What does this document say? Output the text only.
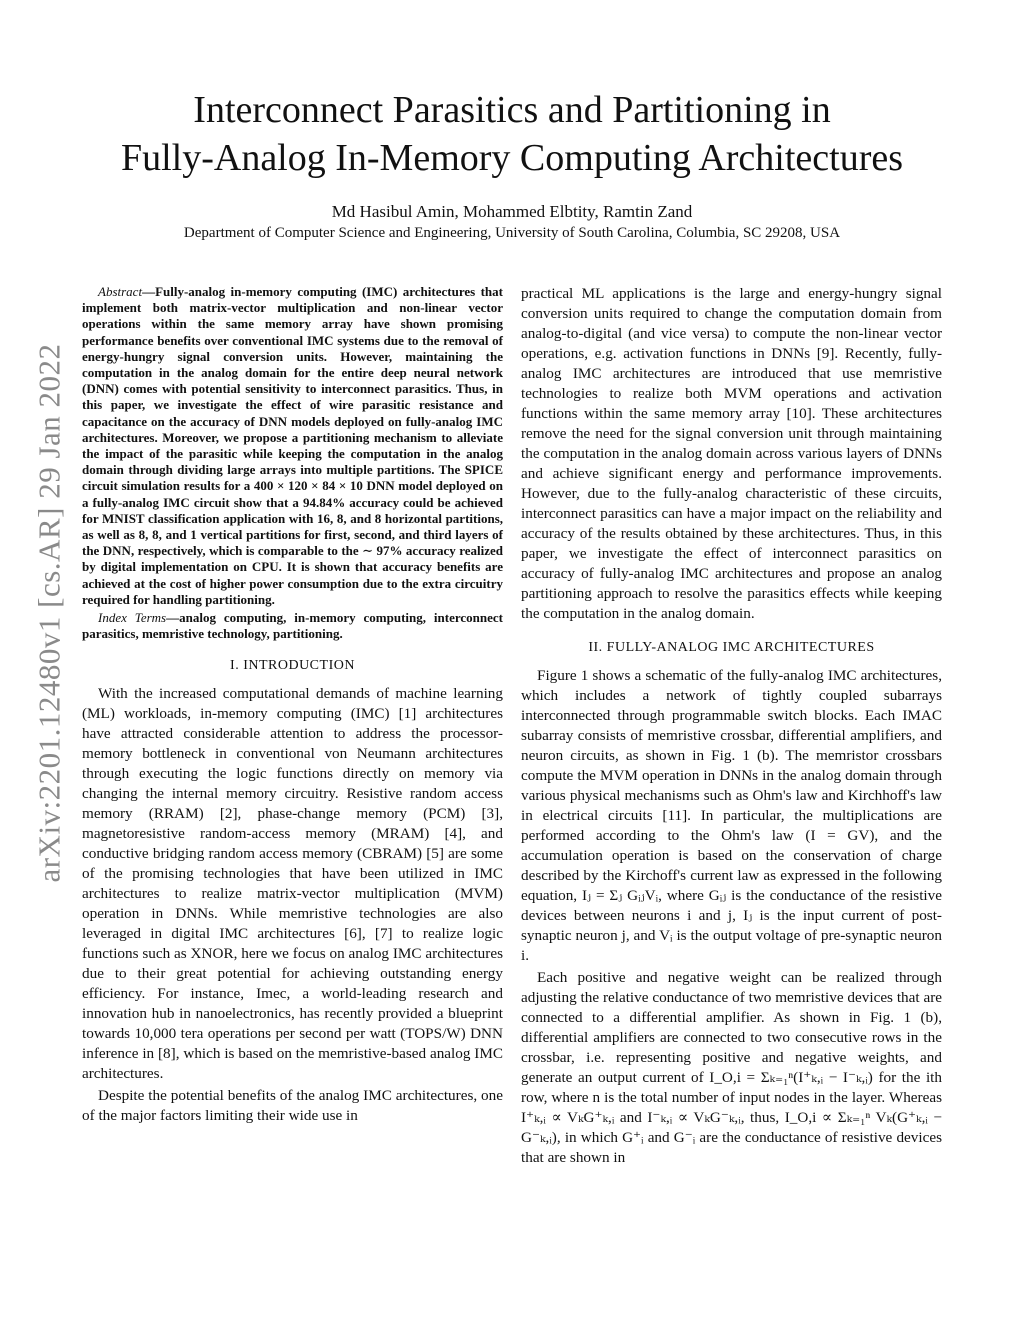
arXiv:2201.12480v1 [cs.AR] 29 Jan 2022
Interconnect Parasitics and Partitioning in
Fully-Analog In-Memory Computing Architectures
Md Hasibul Amin, Mohammed Elbtity, Ramtin Zand
Department of Computer Science and Engineering, University of South Carolina, Columbia, SC 29208, USA

Abstract—Fully-analog in-memory computing (IMC) architectures that implement both matrix-vector multiplication and non-linear vector operations within the same memory array have shown promising performance benefits over conventional IMC systems due to the removal of energy-hungry signal conversion units. However, maintaining the computation in the analog domain for the entire deep neural network (DNN) comes with potential sensitivity to interconnect parasitics. Thus, in this paper, we investigate the effect of wire parasitic resistance and capacitance on the accuracy of DNN models deployed on fully-analog IMC architectures. Moreover, we propose a partitioning mechanism to alleviate the impact of the parasitic while keeping the computation in the analog domain through dividing large arrays into multiple partitions. The SPICE circuit simulation results for a 400 × 120 × 84 × 10 DNN model deployed on a fully-analog IMC circuit show that a 94.84% accuracy could be achieved for MNIST classification application with 16, 8, and 8 horizontal partitions, as well as 8, 8, and 1 vertical partitions for first, second, and third layers of the DNN, respectively, which is comparable to the ∼ 97% accuracy realized by digital implementation on CPU. It is shown that accuracy benefits are achieved at the cost of higher power consumption due to the extra circuitry required for handling partitioning.

Index Terms—analog computing, in-memory computing, interconnect parasitics, memristive technology, partitioning.

I. INTRODUCTION

With the increased computational demands of machine learning (ML) workloads, in-memory computing (IMC) [1] architectures have attracted considerable attention to address the processor-memory bottleneck in conventional von Neumann architectures through executing the logic functions directly on memory via changing the internal memory circuitry. Resistive random access memory (RRAM) [2], phase-change memory (PCM) [3], magnetoresistive random-access memory (MRAM) [4], and conductive bridging random access memory (CBRAM) [5] are some of the promising technologies that have been utilized in IMC architectures to realize matrix-vector multiplication (MVM) operation in DNNs. While memristive technologies are also leveraged in digital IMC architectures [6], [7] to realize logic functions such as XNOR, here we focus on analog IMC architectures due to their great potential for achieving outstanding energy efficiency. For instance, Imec, a world-leading research and innovation hub in nanoelectronics, has recently provided a blueprint towards 10,000 tera operations per second per watt (TOPS/W) DNN inference in [8], which is based on the memristive-based analog IMC architectures.

Despite the potential benefits of the analog IMC architectures, one of the major factors limiting their wide use in

practical ML applications is the large and energy-hungry signal conversion units required to change the computation domain from analog-to-digital (and vice versa) to compute the non-linear vector operations, e.g. activation functions in DNNs [9]. Recently, fully-analog IMC architectures are introduced that use memristive technologies to realize both MVM operations and activation functions within the same memory array [10]. These architectures remove the need for the signal conversion unit through maintaining the computation in the analog domain across various layers of DNNs and achieve significant energy and performance improvements. However, due to the fully-analog characteristic of these circuits, interconnect parasitics can have a major impact on the reliability and accuracy of the results obtained by these architectures. Thus, in this paper, we investigate the effect of interconnect parasitics on accuracy of fully-analog IMC architectures and propose an analog partitioning approach to resolve the parasitics effects while keeping the computation in the analog domain.

II. FULLY-ANALOG IMC ARCHITECTURES

Figure 1 shows a schematic of the fully-analog IMC architectures, which includes a network of tightly coupled subarrays interconnected through programmable switch blocks. Each IMAC subarray consists of memristive crossbar, differential amplifiers, and neuron circuits, as shown in Fig. 1 (b). The memristor crossbars compute the MVM operation in DNNs in the analog domain through various physical mechanisms such as Ohm's law and Kirchhoff's law in electrical circuits [11]. In particular, the multiplications are performed according to the Ohm's law (I = GV), and the accumulation operation is based on the conservation of charge described by the Kirchoff's current law as expressed in the following equation, Iⱼ = Σⱼ GᵢⱼVᵢ, where Gᵢⱼ is the conductance of the resistive devices between neurons i and j, Iⱼ is the input current of post-synaptic neuron j, and Vᵢ is the output voltage of pre-synaptic neuron i.

Each positive and negative weight can be realized through adjusting the relative conductance of two memristive devices that are connected to a differential amplifier. As shown in Fig. 1 (b), differential amplifiers are connected to two consecutive rows in the crossbar, i.e. representing positive and negative weights, and generate an output current of I_O,i = Σₖ₌₁ⁿ(I⁺ₖ,ᵢ − I⁻ₖ,ᵢ) for the ith row, where n is the total number of input nodes in the layer. Whereas I⁺ₖ,ᵢ ∝ VₖG⁺ₖ,ᵢ and I⁻ₖ,ᵢ ∝ VₖG⁻ₖ,ᵢ, thus, I_O,i ∝ Σₖ₌₁ⁿ Vₖ(G⁺ₖ,ᵢ − G⁻ₖ,ᵢ), in which G⁺ᵢ and G⁻ᵢ are the conductance of resistive devices that are shown in
